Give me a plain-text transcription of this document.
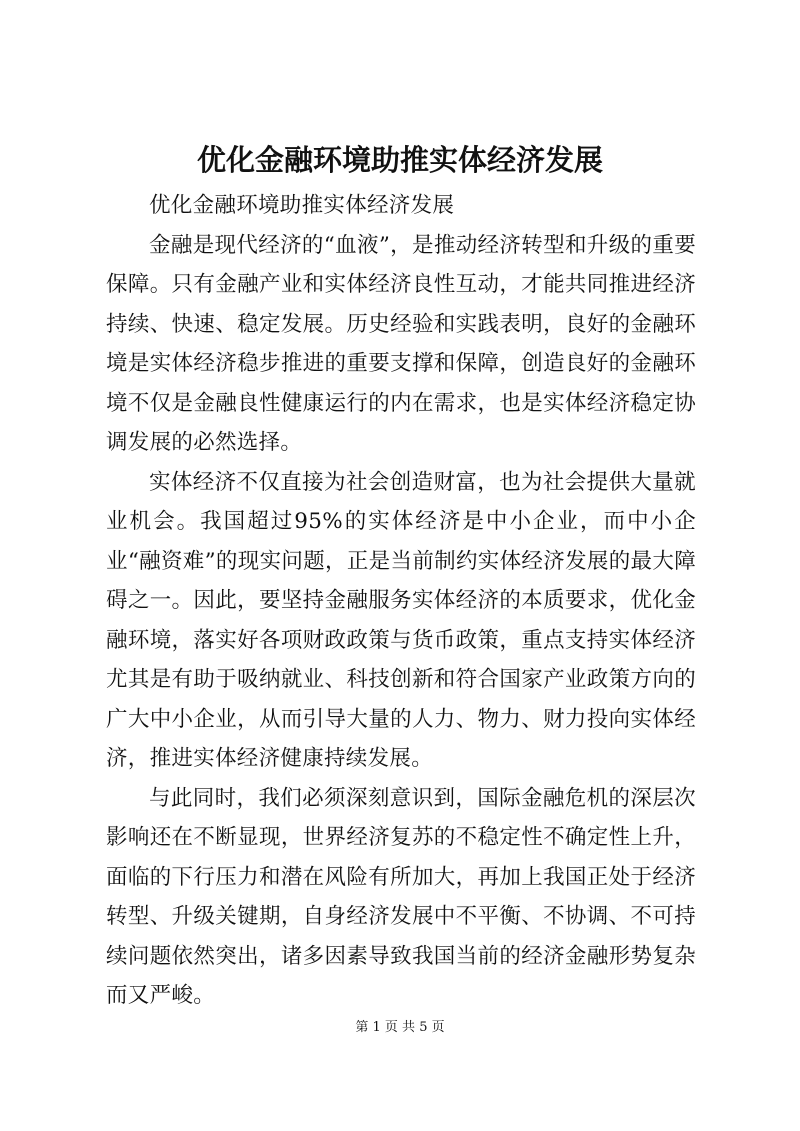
优化金融环境助推实体经济发展

优化金融环境助推实体经济发展

金融是现代经济的“血液”，是推动经济转型和升级的重要保障。只有金融产业和实体经济良性互动，才能共同推进经济持续、快速、稳定发展。历史经验和实践表明，良好的金融环境是实体经济稳步推进的重要支撑和保障，创造良好的金融环境不仅是金融良性健康运行的内在需求，也是实体经济稳定协调发展的必然选择。

实体经济不仅直接为社会创造财富，也为社会提供大量就业机会。我国超过95%的实体经济是中小企业，而中小企业“融资难”的现实问题，正是当前制约实体经济发展的最大障碍之一。因此，要坚持金融服务实体经济的本质要求，优化金融环境，落实好各项财政政策与货币政策，重点支持实体经济尤其是有助于吸纳就业、科技创新和符合国家产业政策方向的广大中小企业，从而引导大量的人力、物力、财力投向实体经济，推进实体经济健康持续发展。

与此同时，我们必须深刻意识到，国际金融危机的深层次影响还在不断显现，世界经济复苏的不稳定性不确定性上升，面临的下行压力和潜在风险有所加大，再加上我国正处于经济转型、升级关键期，自身经济发展中不平衡、不协调、不可持续问题依然突出，诸多因素导致我国当前的经济金融形势复杂而又严峻。

第 1 页 共 5 页
